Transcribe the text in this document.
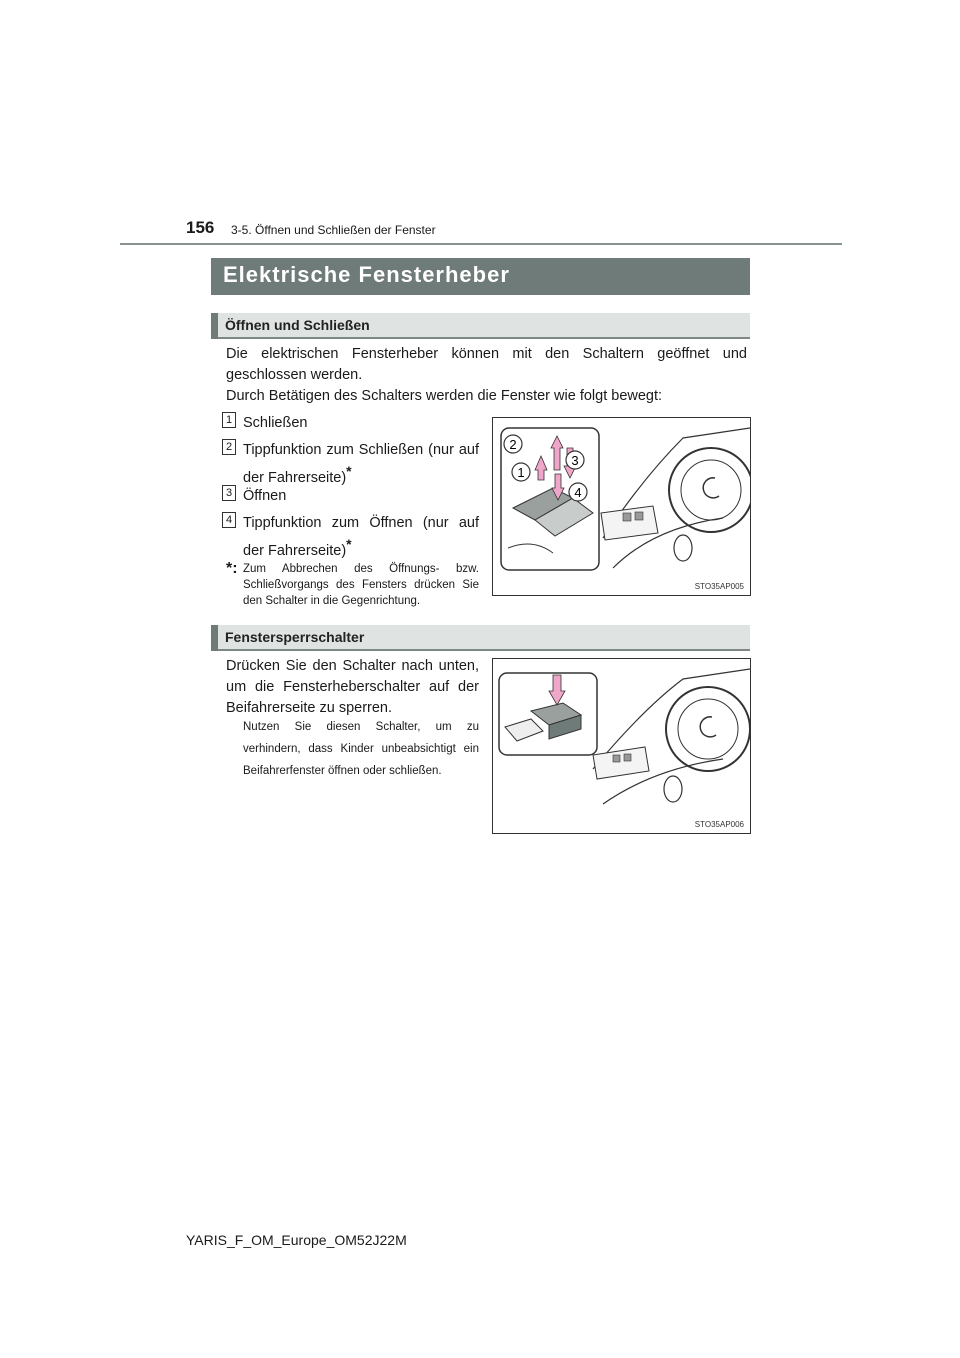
156 3-5. Öffnen und Schließen der Fenster
Elektrische Fensterheber
Öffnen und Schließen
Die elektrischen Fensterheber können mit den Schaltern geöffnet und geschlossen werden.
Durch Betätigen des Schalters werden die Fenster wie folgt bewegt:
1 Schließen
2 Tippfunktion zum Schließen (nur auf der Fahrerseite)*
3 Öffnen
4 Tippfunktion zum Öffnen (nur auf der Fahrerseite)*
*: Zum Abbrechen des Öffnungs- bzw. Schließvorgangs des Fensters drücken Sie den Schalter in die Gegenrichtung.
2
1
3
4
STO35AP005
Fenstersperrschalter
Drücken Sie den Schalter nach unten, um die Fensterheberschalter auf der Beifahrerseite zu sperren.
Nutzen Sie diesen Schalter, um zu verhindern, dass Kinder unbeabsichtigt ein Beifahrerfenster öffnen oder schließen.
STO35AP006
YARIS_F_OM_Europe_OM52J22M
